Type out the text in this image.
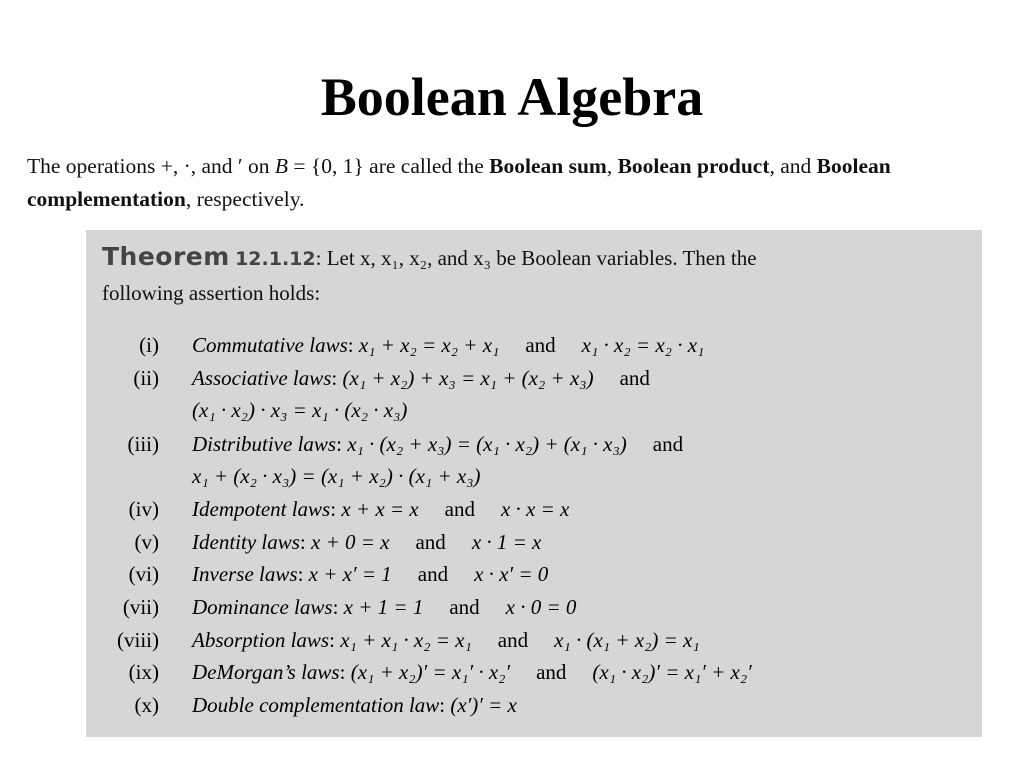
Boolean Algebra
The operations +, ·, and ′ on B = {0, 1} are called the Boolean sum, Boolean product, and Boolean complementation, respectively.
Theorem 12.1.12: Let x, x₁, x₂, and x₃ be Boolean variables. Then the
following assertion holds:
(i) Commutative laws: x₁ + x₂ = x₂ + x₁ and x₁ · x₂ = x₂ · x₁
(ii) Associative laws: (x₁ + x₂) + x₃ = x₁ + (x₂ + x₃) and
(x₁ · x₂) · x₃ = x₁ · (x₂ · x₃)
(iii) Distributive laws: x₁ · (x₂ + x₃) = (x₁ · x₂) + (x₁ · x₃) and
x₁ + (x₂ · x₃) = (x₁ + x₂) · (x₁ + x₃)
(iv) Idempotent laws: x + x = x and x · x = x
(v) Identity laws: x + 0 = x and x · 1 = x
(vi) Inverse laws: x + x′ = 1 and x · x′ = 0
(vii) Dominance laws: x + 1 = 1 and x · 0 = 0
(viii) Absorption laws: x₁ + x₁ · x₂ = x₁ and x₁ · (x₁ + x₂) = x₁
(ix) DeMorgan’s laws: (x₁ + x₂)′ = x₁′ · x₂′ and (x₁ · x₂)′ = x₁′ + x₂′
(x) Double complementation law: (x′)′ = x
